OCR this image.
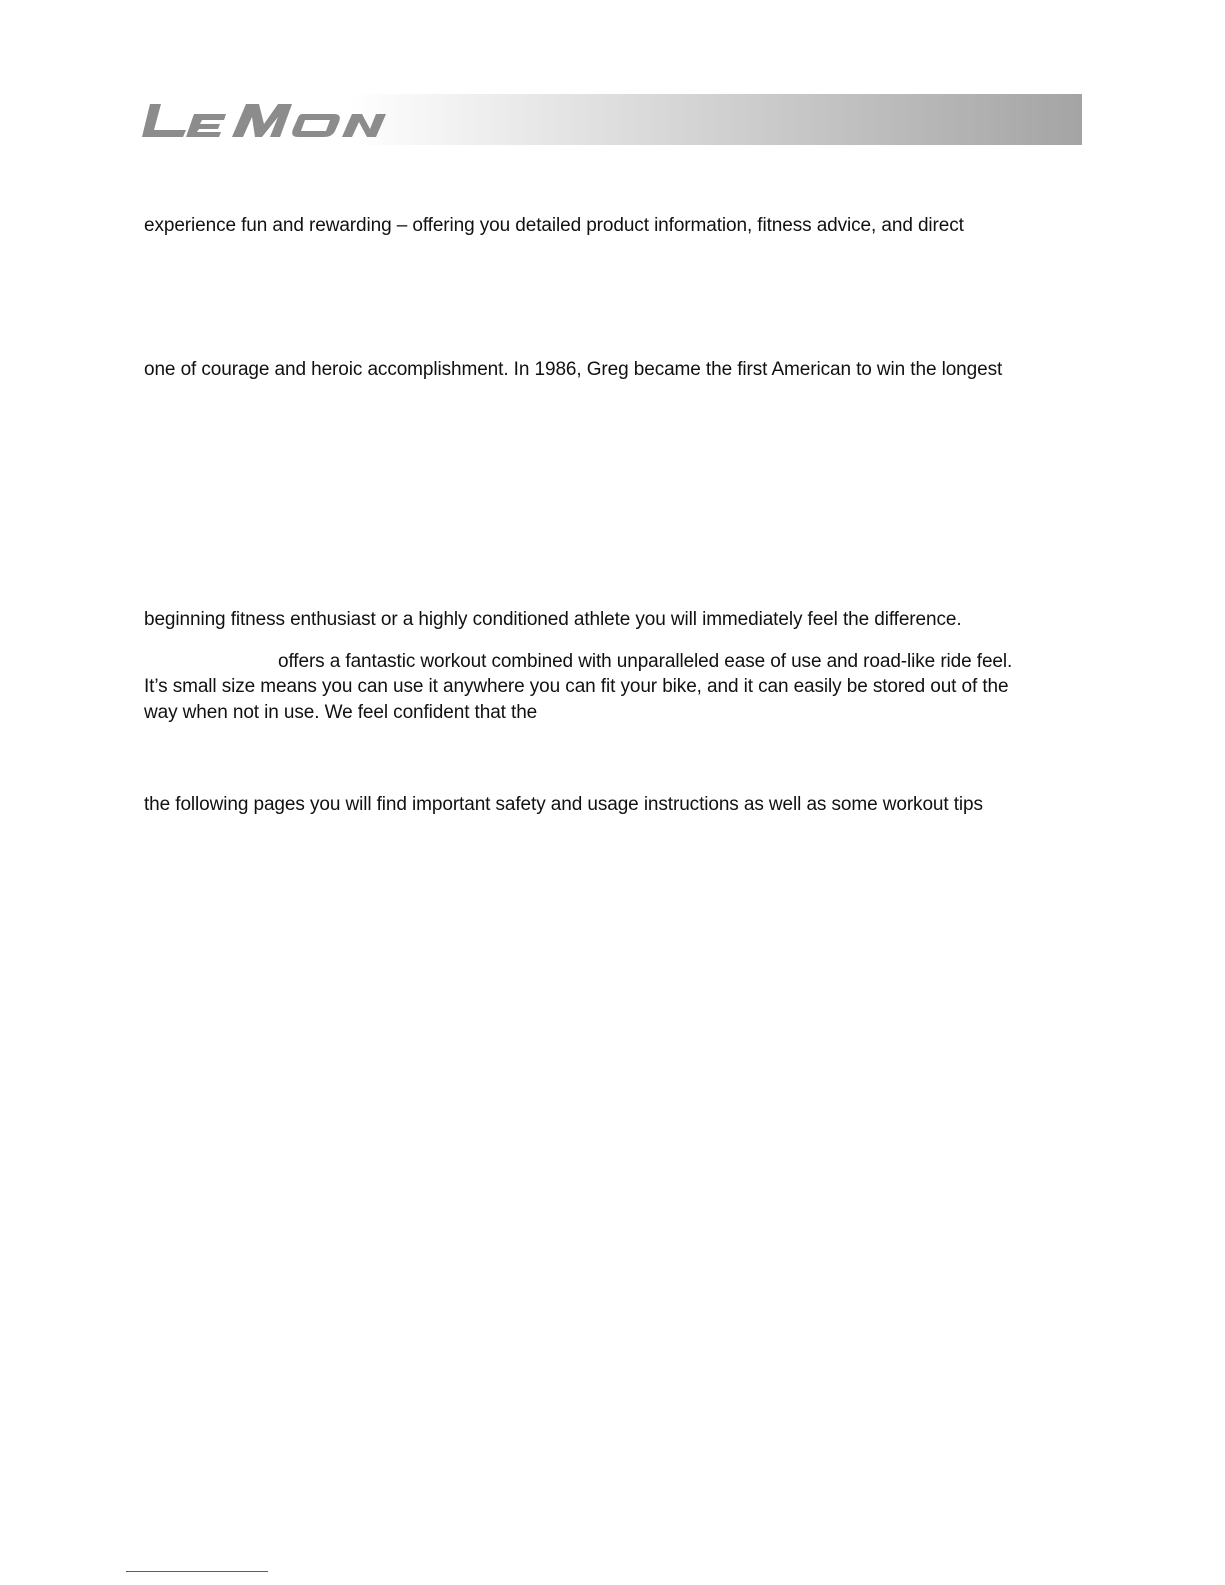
experience fun and rewarding – offering you detailed product information, fitness advice, and direct
one of courage and heroic accomplishment. In 1986, Greg became the first American to win the longest
beginning fitness enthusiast or a highly conditioned athlete you will immediately feel the difference.
offers a fantastic workout combined with unparalleled ease of use and road-like ride feel.
It’s small size means you can use it anywhere you can fit your bike, and it can easily be stored out of the
way when not in use. We feel confident that the
the following pages you will find important safety and usage instructions as well as some workout tips
